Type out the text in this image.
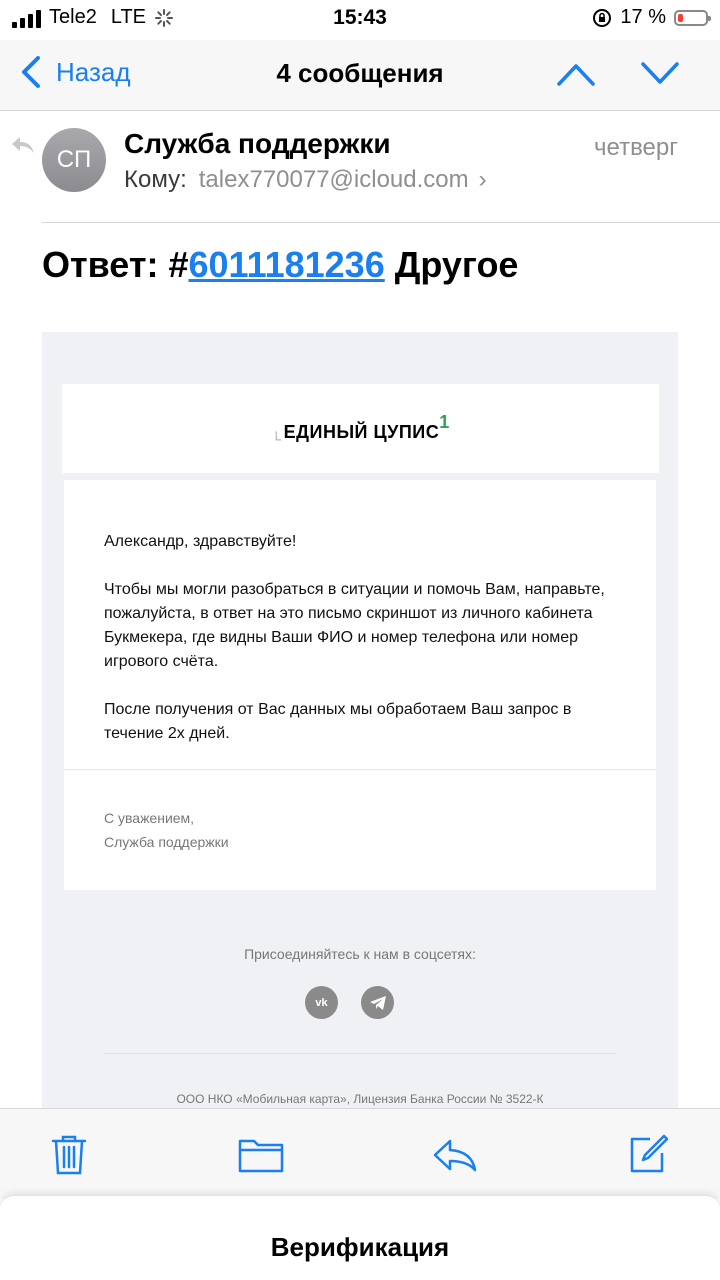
Tele2 LTE	15:43	17 %
Назад	4 сообщения
СП
Служба поддержки	четверг
Кому: talex770077@icloud.com ›
Ответ: #6011181236 Другое
$_└$ ЕДИНЫЙ ЦУПИС1

Александр, здравствуйте!

Чтобы мы могли разобраться в ситуации и помочь Вам, направьте, пожалуйста, в ответ на это письмо скриншот из личного кабинета Букмекера, где видны Ваши ФИО и номер телефона или номер игрового счёта.

После получения от Вас данных мы обработаем Ваш запрос в течение 2х дней.

С уважением,
Служба поддержки
Присоединяйтесь к нам в соцсетях:
vk
ООО НКО «Мобильная карта», Лицензия Банка России № 3522-К
Верификация
